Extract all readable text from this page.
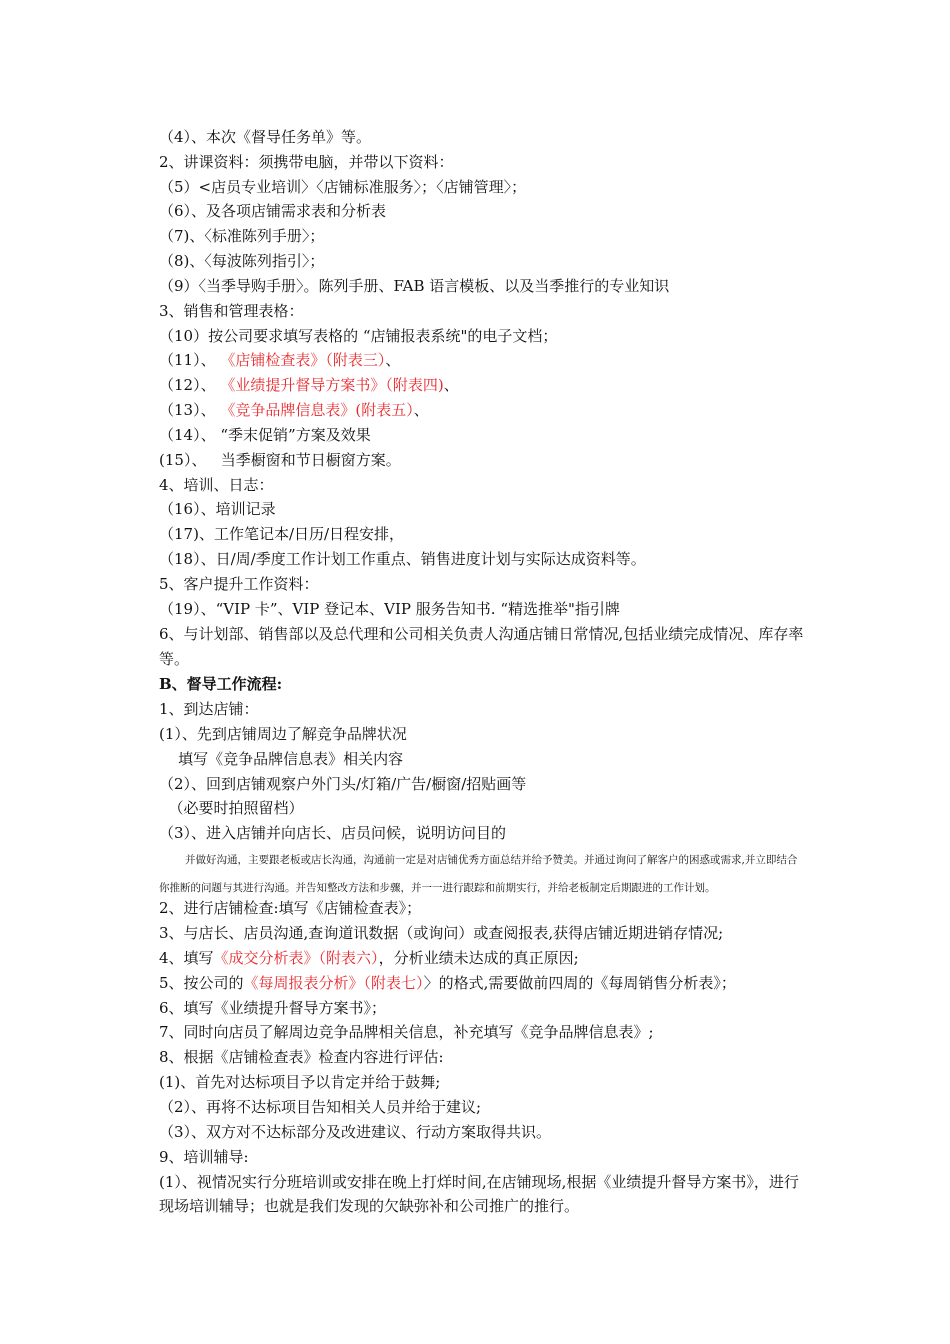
（4）、本次《督导任务单》等。
2、讲课资料：须携带电脑，并带以下资料：
（5）<店员专业培训〉〈店铺标准服务〉；〈店铺管理〉；
（6）、及各项店铺需求表和分析表
（7)、〈标准陈列手册〉；
（8)、〈每波陈列指引〉；
（9）〈当季导购手册〉。陈列手册、FAB 语言模板、以及当季推行的专业知识
3、销售和管理表格：
（10）按公司要求填写表格的 “店铺报表系统"的电子文档；
（11）、 《店铺检查表》（附表三）、
（12）、 《业绩提升督导方案书》（附表四)、
（13）、 《竞争品牌信息表》(附表五）、
（14）、 “季末促销”方案及效果
(15）、   当季橱窗和节日橱窗方案。
4、培训、日志：
（16）、培训记录
（17)、工作笔记本/日历/日程安排，
（18）、日/周/季度工作计划工作重点、销售进度计划与实际达成资料等。
5、客户提升工作资料：
（19）、“VIP 卡”、VIP 登记本、VIP 服务告知书. “精选推举"指引牌
6、与计划部、销售部以及总代理和公司相关负责人沟通店铺日常情况,包括业绩完成情况、库存率
等。
B、督导工作流程:
1、到达店铺：
(1）、先到店铺周边了解竞争品牌状况
填写《竞争品牌信息表》相关内容
（2）、回到店铺观察户外门头/灯箱/广告/橱窗/招贴画等
（必要时拍照留档）
（3）、进入店铺并向店长、店员问候，说明访问目的
并做好沟通，主要跟老板或店长沟通，沟通前一定是对店铺优秀方面总结并给予赞美。并通过询问了解客户的困惑或需求,并立即结合
你推断的问题与其进行沟通。并告知整改方法和步骤，并一一进行跟踪和前期实行，并给老板制定后期跟进的工作计划。
2、进行店铺检查:填写《店铺检查表》；
3、与店长、店员沟通,查询道讯数据（或询问）或查阅报表,获得店铺近期进销存情况;
4、填写《成交分析表》（附表六），分析业绩未达成的真正原因;
5、按公司的《每周报表分析》（附表七）〉的格式,需要做前四周的《每周销售分析表》；
6、填写《业绩提升督导方案书》；
7、同时向店员了解周边竞争品牌相关信息，补充填写《竞争品牌信息表》;
8、根据《店铺检查表》检查内容进行评估:
(1)、首先对达标项目予以肯定并给于鼓舞;
（2）、再将不达标项目告知相关人员并给于建议;
（3）、双方对不达标部分及改进建议、行动方案取得共识。
9、培训辅导:
(1）、视情况实行分班培训或安排在晚上打烊时间,在店铺现场,根据《业绩提升督导方案书》，进行
现场培训辅导；也就是我们发现的欠缺弥补和公司推广的推行。
